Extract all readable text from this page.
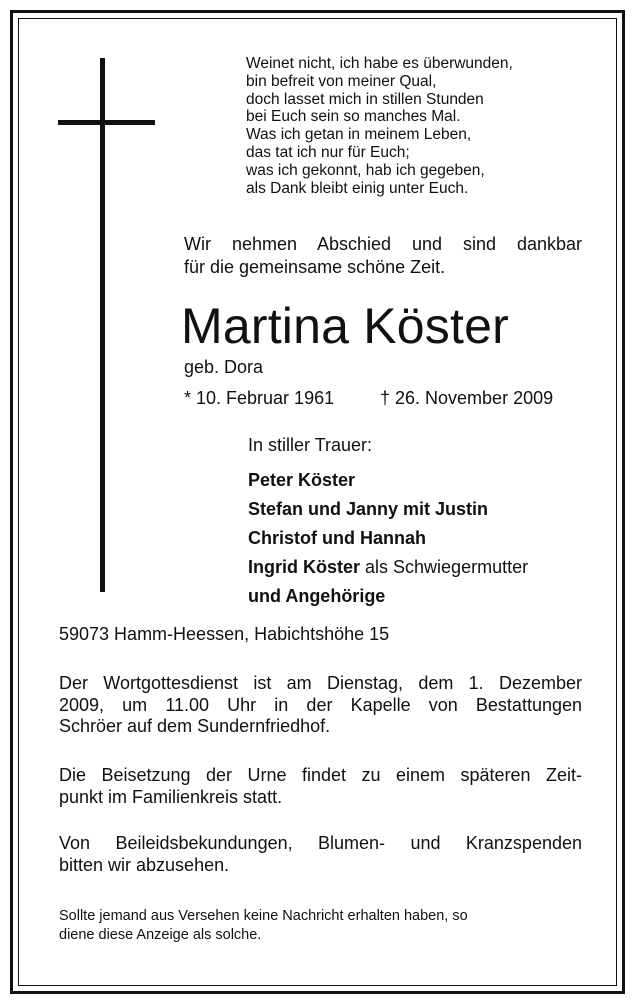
Weinet nicht, ich habe es überwunden,
bin befreit von meiner Qual,
doch lasset mich in stillen Stunden
bei Euch sein so manches Mal.
Was ich getan in meinem Leben,
das tat ich nur für Euch;
was ich gekonnt, hab ich gegeben,
als Dank bleibt einig unter Euch.
Wir nehmen Abschied und sind dankbar
für die gemeinsame schöne Zeit.
Martina Köster
geb. Dora
* 10. Februar 1961	† 26. November 2009
In stiller Trauer:
Peter Köster
Stefan und Janny mit Justin
Christof und Hannah
Ingrid Köster als Schwiegermutter
und Angehörige
59073 Hamm-Heessen, Habichtshöhe 15
Der Wortgottesdienst ist am Dienstag, dem 1. Dezember
2009, um 11.00 Uhr in der Kapelle von Bestattungen
Schröer auf dem Sundernfriedhof.
Die Beisetzung der Urne findet zu einem späteren Zeit-
punkt im Familienkreis statt.
Von Beileidsbekundungen, Blumen- und Kranzspenden
bitten wir abzusehen.
Sollte jemand aus Versehen keine Nachricht erhalten haben, so
diene diese Anzeige als solche.
